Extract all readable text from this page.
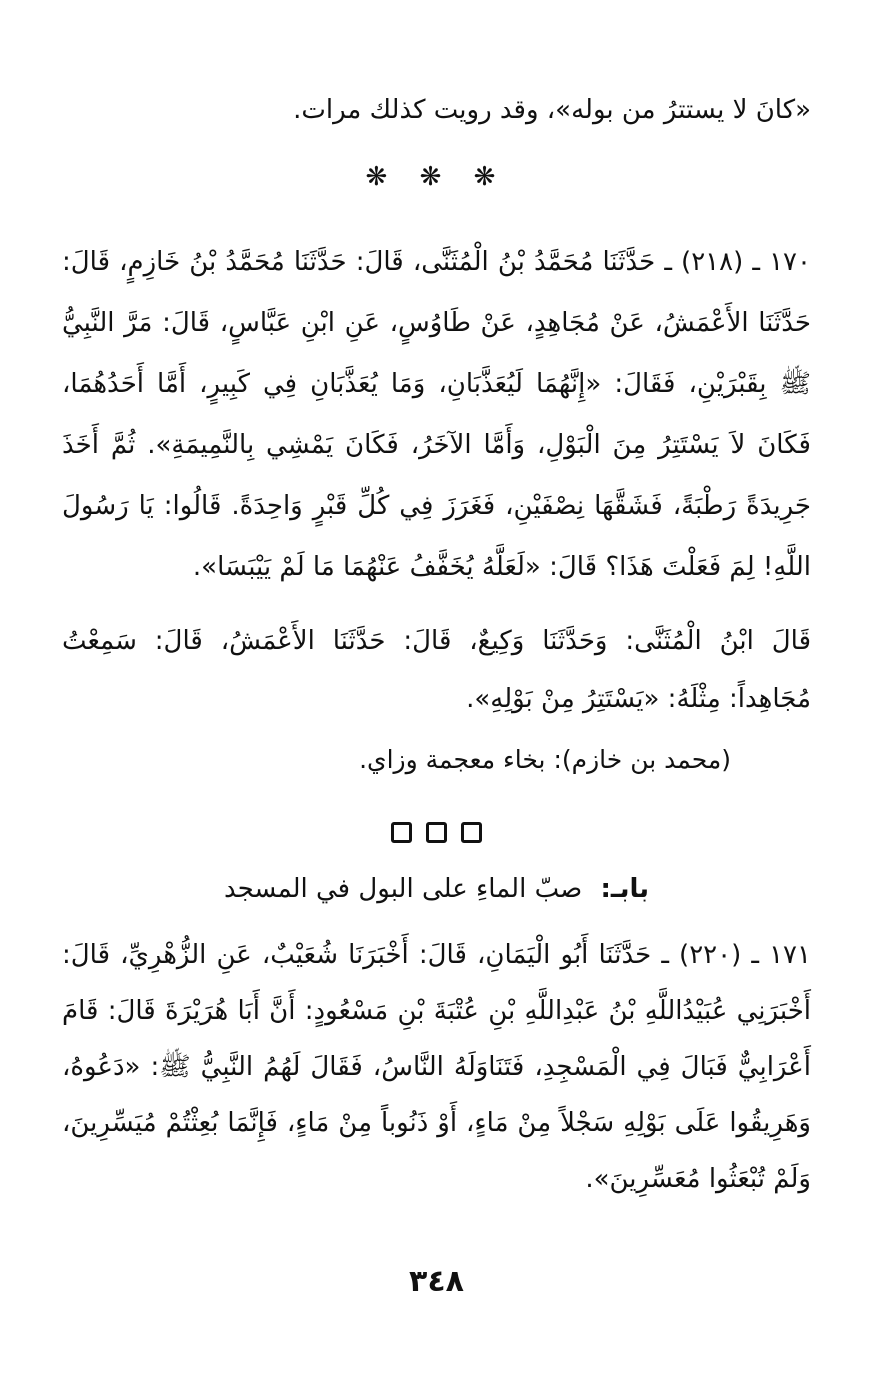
«كانَ لا يستترُ من بوله»، وقد رويت كذلك مرات.

❋ ❋ ❋

١٧٠ ـ (٢١٨) ـ حَدَّثَنَا مُحَمَّدُ بْنُ الْمُثَنَّى، قَالَ: حَدَّثَنَا مُحَمَّدُ بْنُ خَازِمٍ، قَالَ: حَدَّثَنَا الأَعْمَشُ، عَنْ مُجَاهِدٍ، عَنْ طَاوُسٍ، عَنِ ابْنِ عَبَّاسٍ، قَالَ: مَرَّ النَّبِيُّ ﷺ بِقَبْرَيْنِ، فَقَالَ: «إِنَّهُمَا لَيُعَذَّبَانِ، وَمَا يُعَذَّبَانِ فِي كَبِيرٍ، أَمَّا أَحَدُهُمَا، فَكَانَ لاَ يَسْتَتِرُ مِنَ الْبَوْلِ، وَأَمَّا الآخَرُ، فَكَانَ يَمْشِي بِالنَّمِيمَةِ». ثُمَّ أَخَذَ جَرِيدَةً رَطْبَةً، فَشَقَّهَا نِصْفَيْنِ، فَغَرَزَ فِي كُلِّ قَبْرٍ وَاحِدَةً. قَالُوا: يَا رَسُولَ اللَّهِ! لِمَ فَعَلْتَ هَذَا؟ قَالَ: «لَعَلَّهُ يُخَفَّفُ عَنْهُمَا مَا لَمْ يَيْبَسَا».

قَالَ ابْنُ الْمُثَنَّى: وَحَدَّثَنَا وَكِيعٌ، قَالَ: حَدَّثَنَا الأَعْمَشُ، قَالَ: سَمِعْتُ مُجَاهِداً: مِثْلَهُ: «يَسْتَتِرُ مِنْ بَوْلِهِ».

(محمد بن خازم): بخاء معجمة وزاي.

بابـ: صبّ الماءِ على البول في المسجد

١٧١ ـ (٢٢٠) ـ حَدَّثَنَا أَبُو الْيَمَانِ، قَالَ: أَخْبَرَنَا شُعَيْبٌ، عَنِ الزُّهْرِيِّ، قَالَ: أَخْبَرَنِي عُبَيْدُاللَّهِ بْنُ عَبْدِاللَّهِ بْنِ عُتْبَةَ بْنِ مَسْعُودٍ: أَنَّ أَبَا هُرَيْرَةَ قَالَ: قَامَ أَعْرَابِيٌّ فَبَالَ فِي الْمَسْجِدِ، فَتَنَاوَلَهُ النَّاسُ، فَقَالَ لَهُمُ النَّبِيُّ ﷺ: «دَعُوهُ، وَهَرِيقُوا عَلَى بَوْلِهِ سَجْلاً مِنْ مَاءٍ، أَوْ ذَنُوباً مِنْ مَاءٍ، فَإِنَّمَا بُعِثْتُمْ مُيَسِّرِينَ، وَلَمْ تُبْعَثُوا مُعَسِّرِينَ».

٣٤٨
